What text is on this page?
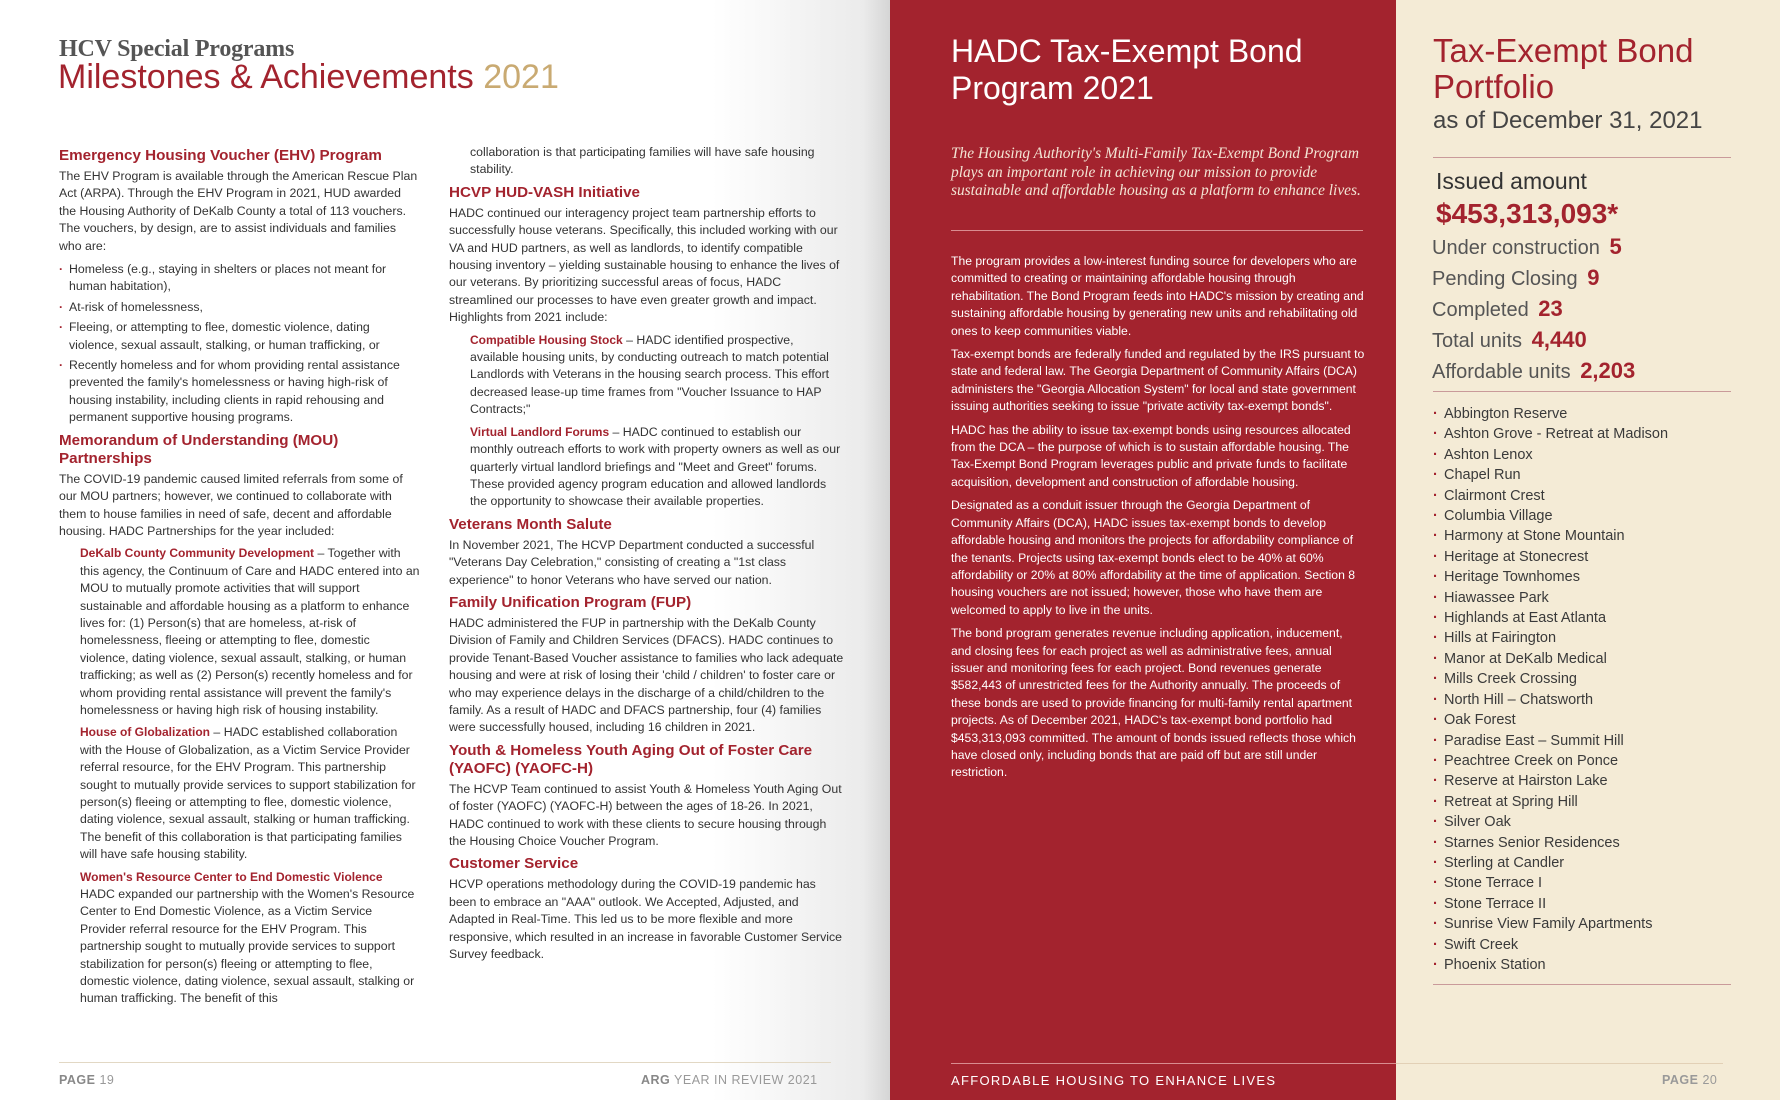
HCV Special Programs
Milestones & Achievements 2021
Emergency Housing Voucher (EHV) Program

The EHV Program is available through the American Rescue Plan Act (ARPA). Through the EHV Program in 2021, HUD awarded the Housing Authority of DeKalb County a total of 113 vouchers. The vouchers, by design, are to assist individuals and families who are:

· Homeless (e.g., staying in shelters or places not meant for human habitation),
· At-risk of homelessness,
· Fleeing, or attempting to flee, domestic violence, dating violence, sexual assault, stalking, or human trafficking, or
· Recently homeless and for whom providing rental assistance prevented the family's homelessness or having high-risk of housing instability, including clients in rapid rehousing and permanent supportive housing programs.
Memorandum of Understanding (MOU) Partnerships

The COVID-19 pandemic caused limited referrals from some of our MOU partners; however, we continued to collaborate with them to house families in need of safe, decent and affordable housing. HADC Partnerships for the year included:

DeKalb County Community Development – Together with this agency, the Continuum of Care and HADC entered into an MOU to mutually promote activities that will support sustainable and affordable housing as a platform to enhance lives for: (1) Person(s) that are homeless, at-risk of homelessness, fleeing or attempting to flee, domestic violence, dating violence, sexual assault, stalking, or human trafficking; as well as (2) Person(s) recently homeless and for whom providing rental assistance will prevent the family's homelessness or having high risk of housing instability.

House of Globalization – HADC established collaboration with the House of Globalization, as a Victim Service Provider referral resource, for the EHV Program. This partnership sought to mutually provide services to support stabilization for person(s) fleeing or attempting to flee, domestic violence, dating violence, sexual assault, stalking or human trafficking. The benefit of this collaboration is that participating families will have safe housing stability.

Women's Resource Center to End Domestic Violence
HADC expanded our partnership with the Women's Resource Center to End Domestic Violence, as a Victim Service Provider referral resource for the EHV Program. This partnership sought to mutually provide services to support stabilization for person(s) fleeing or attempting to flee, domestic violence, dating violence, sexual assault, stalking or human trafficking. The benefit of this

collaboration is that participating families will have safe housing stability.

HCVP HUD-VASH Initiative

HADC continued our interagency project team partnership efforts to successfully house veterans. Specifically, this included working with our VA and HUD partners, as well as landlords, to identify compatible housing inventory – yielding sustainable housing to enhance the lives of our veterans. By prioritizing successful areas of focus, HADC streamlined our processes to have even greater growth and impact. Highlights from 2021 include:

Compatible Housing Stock – HADC identified prospective, available housing units, by conducting outreach to match potential Landlords with Veterans in the housing search process. This effort decreased lease-up time frames from "Voucher Issuance to HAP Contracts;"

Virtual Landlord Forums – HADC continued to establish our monthly outreach efforts to work with property owners as well as our quarterly virtual landlord briefings and "Meet and Greet" forums. These provided agency program education and allowed landlords the opportunity to showcase their available properties.

Veterans Month Salute

In November 2021, The HCVP Department conducted a successful "Veterans Day Celebration," consisting of creating a "1st class experience" to honor Veterans who have served our nation.

Family Unification Program (FUP)

HADC administered the FUP in partnership with the DeKalb County Division of Family and Children Services (DFACS). HADC continues to provide Tenant-Based Voucher assistance to families who lack adequate housing and were at risk of losing their 'child / children' to foster care or who may experience delays in the discharge of a child/children to the family. As a result of HADC and DFACS partnership, four (4) families were successfully housed, including 16 children in 2021.

Youth & Homeless Youth Aging Out of Foster Care (YAOFC) (YAOFC-H)

The HCVP Team continued to assist Youth & Homeless Youth Aging Out of foster (YAOFC) (YAOFC-H) between the ages of 18-26. In 2021, HADC continued to work with these clients to secure housing through the Housing Choice Voucher Program.

Customer Service

HCVP operations methodology during the COVID-19 pandemic has been to embrace an "AAA" outlook. We Accepted, Adjusted, and Adapted in Real-Time. This led us to be more flexible and more responsive, which resulted in an increase in favorable Customer Service Survey feedback.

PAGE 19	ARG YEAR IN REVIEW 2021
HADC Tax-Exempt Bond Program 2021
The Housing Authority's Multi-Family Tax-Exempt Bond Program plays an important role in achieving our mission to provide sustainable and affordable housing as a platform to enhance lives.

The program provides a low-interest funding source for developers who are committed to creating or maintaining affordable housing through rehabilitation. The Bond Program feeds into HADC's mission by creating and sustaining affordable housing by generating new units and rehabilitating old ones to keep communities viable.

Tax-exempt bonds are federally funded and regulated by the IRS pursuant to state and federal law. The Georgia Department of Community Affairs (DCA) administers the "Georgia Allocation System" for local and state government issuing authorities seeking to issue "private activity tax-exempt bonds".

HADC has the ability to issue tax-exempt bonds using resources allocated from the DCA – the purpose of which is to sustain affordable housing. The Tax-Exempt Bond Program leverages public and private funds to facilitate acquisition, development and construction of affordable housing.

Designated as a conduit issuer through the Georgia Department of Community Affairs (DCA), HADC issues tax-exempt bonds to develop affordable housing and monitors the projects for affordability compliance of the tenants. Projects using tax-exempt bonds elect to be 40% at 60% affordability or 20% at 80% affordability at the time of application. Section 8 housing vouchers are not issued; however, those who have them are welcomed to apply to live in the units.

The bond program generates revenue including application, inducement, and closing fees for each project as well as administrative fees, annual issuer and monitoring fees for each project. Bond revenues generate $582,443 of unrestricted fees for the Authority annually. The proceeds of these bonds are used to provide financing for multi-family rental apartment projects. As of December 2021, HADC's tax-exempt bond portfolio had $453,313,093 committed. The amount of bonds issued reflects those which have closed only, including bonds that are paid off but are still under restriction.

AFFORDABLE HOUSING TO ENHANCE LIVES
Tax-Exempt Bond Portfolio
as of December 31, 2021
Issued amount
$453,313,093*
Under construction 5
Pending Closing 9
Completed 23
Total units 4,440
Affordable units 2,203
· Abbington Reserve
· Ashton Grove - Retreat at Madison
· Ashton Lenox
· Chapel Run
· Clairmont Crest
· Columbia Village
· Harmony at Stone Mountain
· Heritage at Stonecrest
· Heritage Townhomes
· Hiawassee Park
· Highlands at East Atlanta
· Hills at Fairington
· Manor at DeKalb Medical
· Mills Creek Crossing
· North Hill – Chatsworth
· Oak Forest
· Paradise East – Summit Hill
· Peachtree Creek on Ponce
· Reserve at Hairston Lake
· Retreat at Spring Hill
· Silver Oak
· Starnes Senior Residences
· Sterling at Candler
· Stone Terrace I
· Stone Terrace II
· Sunrise View Family Apartments
· Swift Creek
· Phoenix Station
PAGE 20
